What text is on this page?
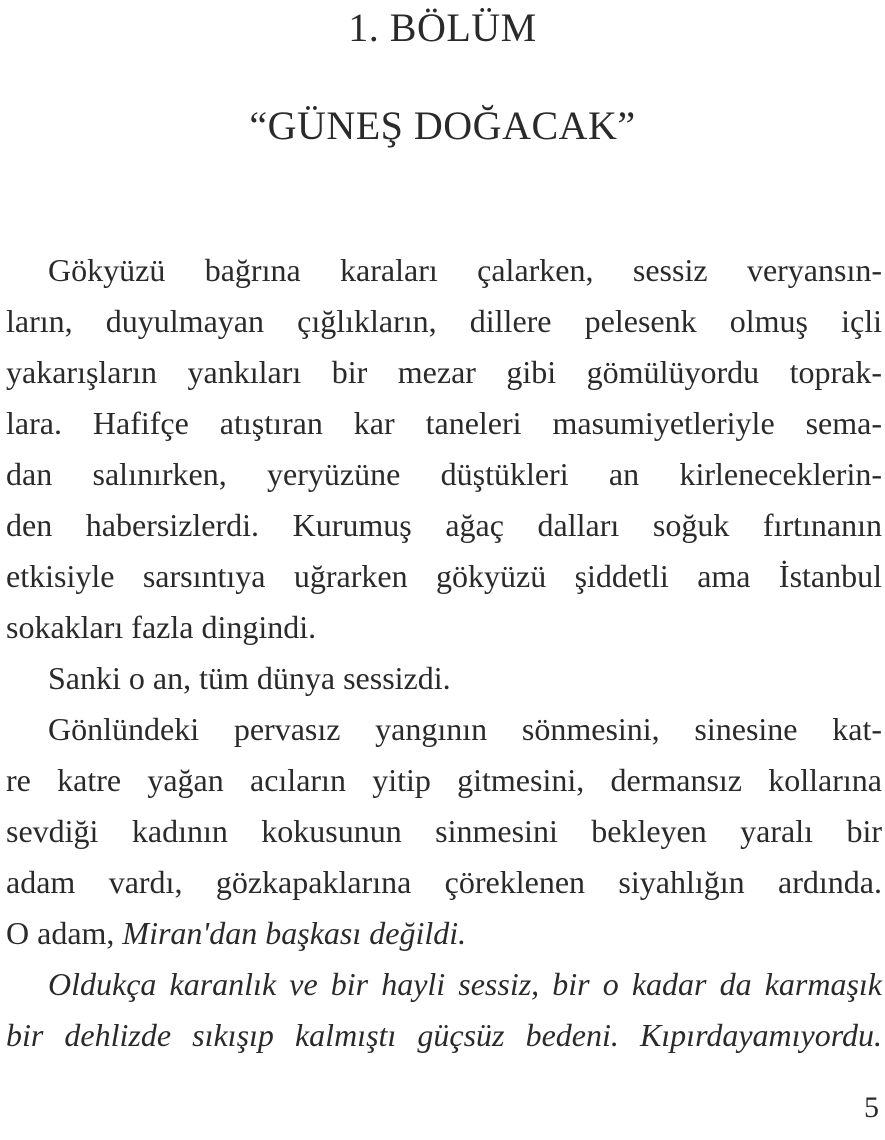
1. BÖLÜM
“GÜNEŞ DOĞACAK”
Gökyüzü bağrına karaları çalarken, sessiz veryansın-
ların, duyulmayan çığlıkların, dillere pelesenk olmuş içli
yakarışların yankıları bir mezar gibi gömülüyordu toprak-
lara. Hafifçe atıştıran kar taneleri masumiyetleriyle sema-
dan salınırken, yeryüzüne düştükleri an kirleneceklerin-
den habersizlerdi. Kurumuş ağaç dalları soğuk fırtınanın
etkisiyle sarsıntıya uğrarken gökyüzü şiddetli ama İstanbul
sokakları fazla dingindi.
Sanki o an, tüm dünya sessizdi.
Gönlündeki pervasız yangının sönmesini, sinesine kat-
re katre yağan acıların yitip gitmesini, dermansız kollarına
sevdiği kadının kokusunun sinmesini bekleyen yaralı bir
adam vardı, gözkapaklarına çöreklenen siyahlığın ardında.
O adam, Miran'dan başkası değildi.
Oldukça karanlık ve bir hayli sessiz, bir o kadar da karmaşık
bir dehlizde sıkışıp kalmıştı güçsüz bedeni. Kıpırdayamıyordu.
5
